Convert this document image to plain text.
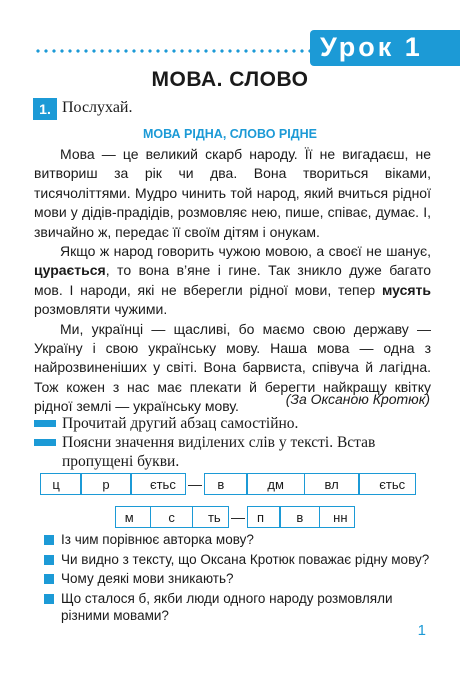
Урок 1
МОВА. СЛОВО
1. Послухай.
МОВА РІДНА, СЛОВО РІДНЕ

Мова — це великий скарб народу. Її не вигадаєш, не витвориш за рік чи два. Вона твориться віками, тисячоліттями. Мудро чинить той народ, який вчиться рідної мови у дідів-прадідів, розмовляє нею, пише, співає, думає. І, звичайно ж, передає її своїм дітям і онукам.

Якщо ж народ говорить чужою мовою, а своєї не шанує, цурається, то вона в’яне і гине. Так зникло дуже багато мов. І народи, які не вберегли рідної мови, тепер мусять розмовляти чужими.

Ми, українці — щасливі, бо маємо свою державу — Україну і свою українську мову. Наша мова — одна з найрозвиненіших у світі. Вона барвиста, співуча й лагідна. Тож кожен з нас має плекати й берегти найкращу квітку рідної землі — українську мову.	(За Оксаною Кротюк)
Прочитай другий абзац самостійно.
Поясни значення виділених слів у тексті. Встав
пропущені букви.
ц	р	єтьс — в	дм	вл	єтьс
м	с	ть — п в нн
Із чим порівнює авторка мову?
Чи видно з тексту, що Оксана Кротюк поважає рідну мову?
Чому деякі мови зникають?
Що сталося б, якби люди одного народу розмовляли різними мовами?
1
